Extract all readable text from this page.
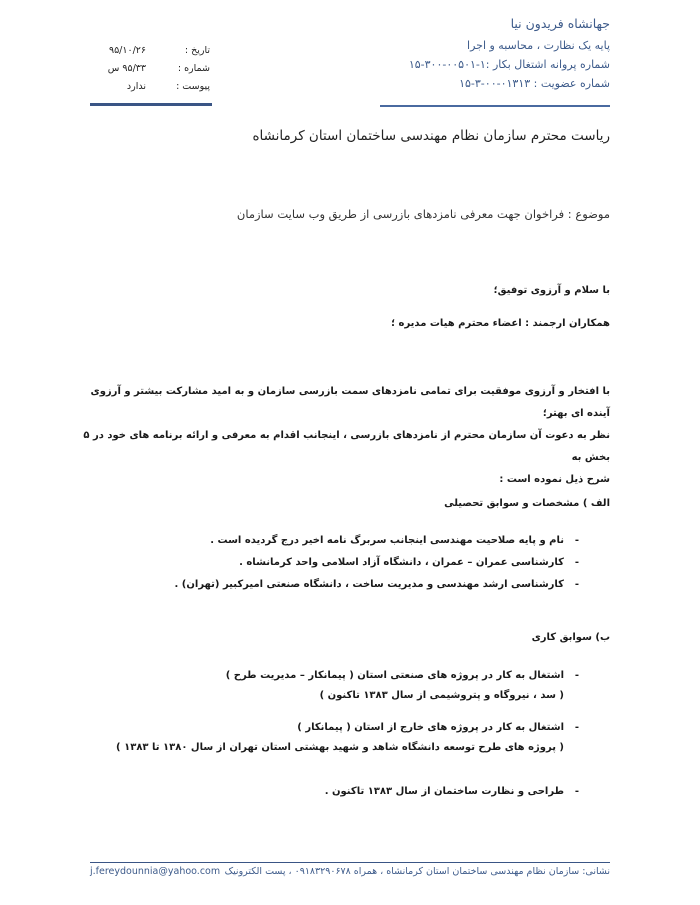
جهانشاه فریدون نیا
پایه یک نظارت ، محاسبه و اجرا
شماره پروانه اشتغال بکار :۱-۰۰۵۰۱-۳۰۰-۱۵
شماره عضویت : ۰۱۳۱۳-۰۰-۳-۱۵
تاریخ :
۹۵/۱۰/۲۶
شماره :
۹۵/۳۳ س
پیوست :
ندارد
ریاست محترم سازمان نظام مهندسی ساختمان استان کرمانشاه
موضوع : فراخوان جهت معرفی نامزدهای بازرسی از طریق وب سایت سازمان
با سلام و آرزوی توفیق؛
همکاران ارجمند : اعضاء محترم هیات مدیره ؛
با افتخار و آرزوی موفقیت برای تمامی نامزدهای سمت بازرسی سازمان و به امید مشارکت بیشتر و آرزوی آینده ای بهتر؛
نظر به دعوت آن سازمان محترم از نامزدهای بازرسی ، اینجانب اقدام به معرفی و ارائه برنامه های خود در ۵ بخش به
شرح ذیل نموده است :
الف ) مشخصات و سوابق تحصیلی
-
نام و پایه صلاحیت مهندسی اینجانب سربرگ نامه اخیر درج گردیده است .
-
کارشناسی عمران – عمران ، دانشگاه آزاد اسلامی واحد کرمانشاه .
-
کارشناسی ارشد مهندسی و مدیریت ساخت ، دانشگاه صنعتی امیرکبیر (تهران) .
ب) سوابق کاری
-
اشتغال به کار در پروژه های صنعتی استان ( پیمانکار – مدیریت طرح )
( سد ، نیروگاه و پتروشیمی از سال ۱۳۸۳ تاکنون )
-
اشتغال به کار در پروژه های خارج از استان ( پیمانکار )
( پروژه های طرح توسعه دانشگاه شاهد و شهید بهشتی استان تهران از سال ۱۳۸۰ تا ۱۳۸۳ )
-
طراحی و نظارت ساختمان از سال ۱۳۸۳ تاکنون .
نشانی: سازمان نظام مهندسی ساختمان استان کرمانشاه ، همراه ۰۹۱۸۳۲۹۰۶۷۸ ، پست الکترونیک
j.fereydounnia@yahoo.com
